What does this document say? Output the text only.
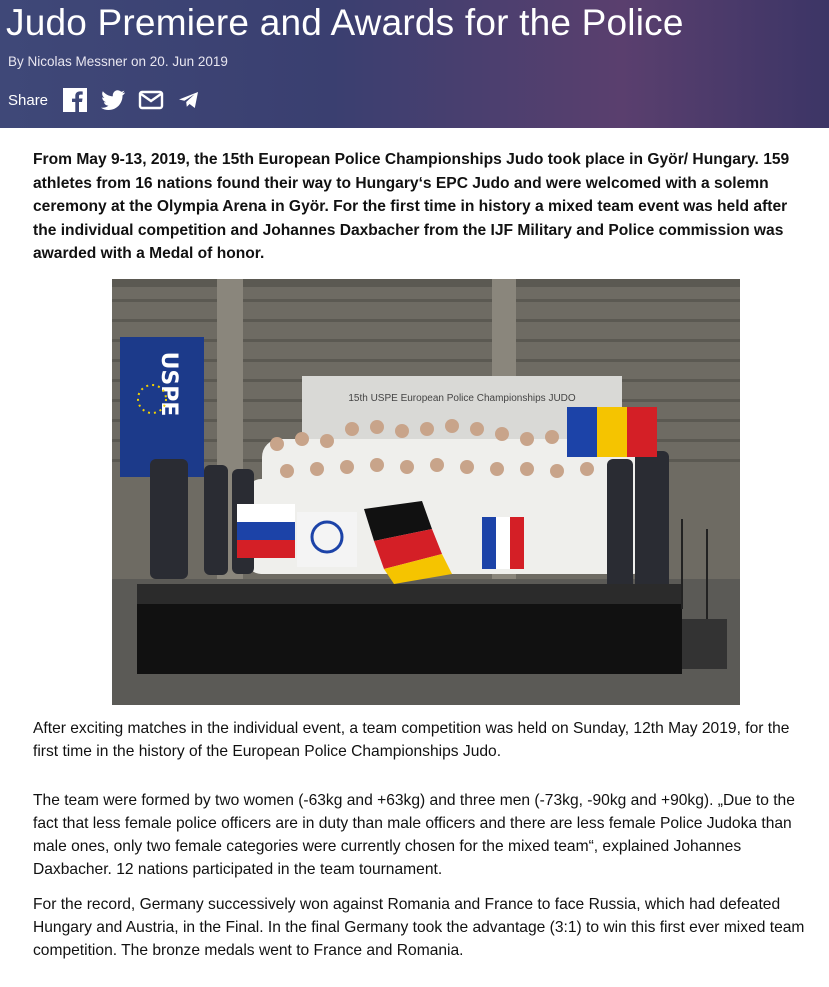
Judo Premiere and Awards for the Police
By Nicolas Messner on 20. Jun 2019
Share

From May 9-13, 2019, the 15th European Police Championships Judo took place in Györ/ Hungary. 159 athletes from 16 nations found their way to Hungary‘s EPC Judo and were welcomed with a solemn ceremony at the Olympia Arena in Györ. For the first time in history a mixed team event was held after the individual competition and Johannes Daxbacher from the IJF Military and Police commission was awarded with a Medal of honor.

USPE	15th USPE European Police Championships JUDO

After exciting matches in the individual event, a team competition was held on Sunday, 12th May 2019, for the first time in the history of the European Police Championships Judo.

The team were formed by two women (-63kg and +63kg) and three men (-73kg, -90kg and +90kg). „Due to the fact that less female police officers are in duty than male officers and there are less female Police Judoka than male ones, only two female categories were currently chosen for the mixed team“, explained Johannes Daxbacher. 12 nations participated in the team tournament.

For the record, Germany successively won against Romania and France to face Russia, which had defeated Hungary and Austria, in the Final. In the final Germany took the advantage (3:1) to win this first ever mixed team competition. The bronze medals went to France and Romania.
